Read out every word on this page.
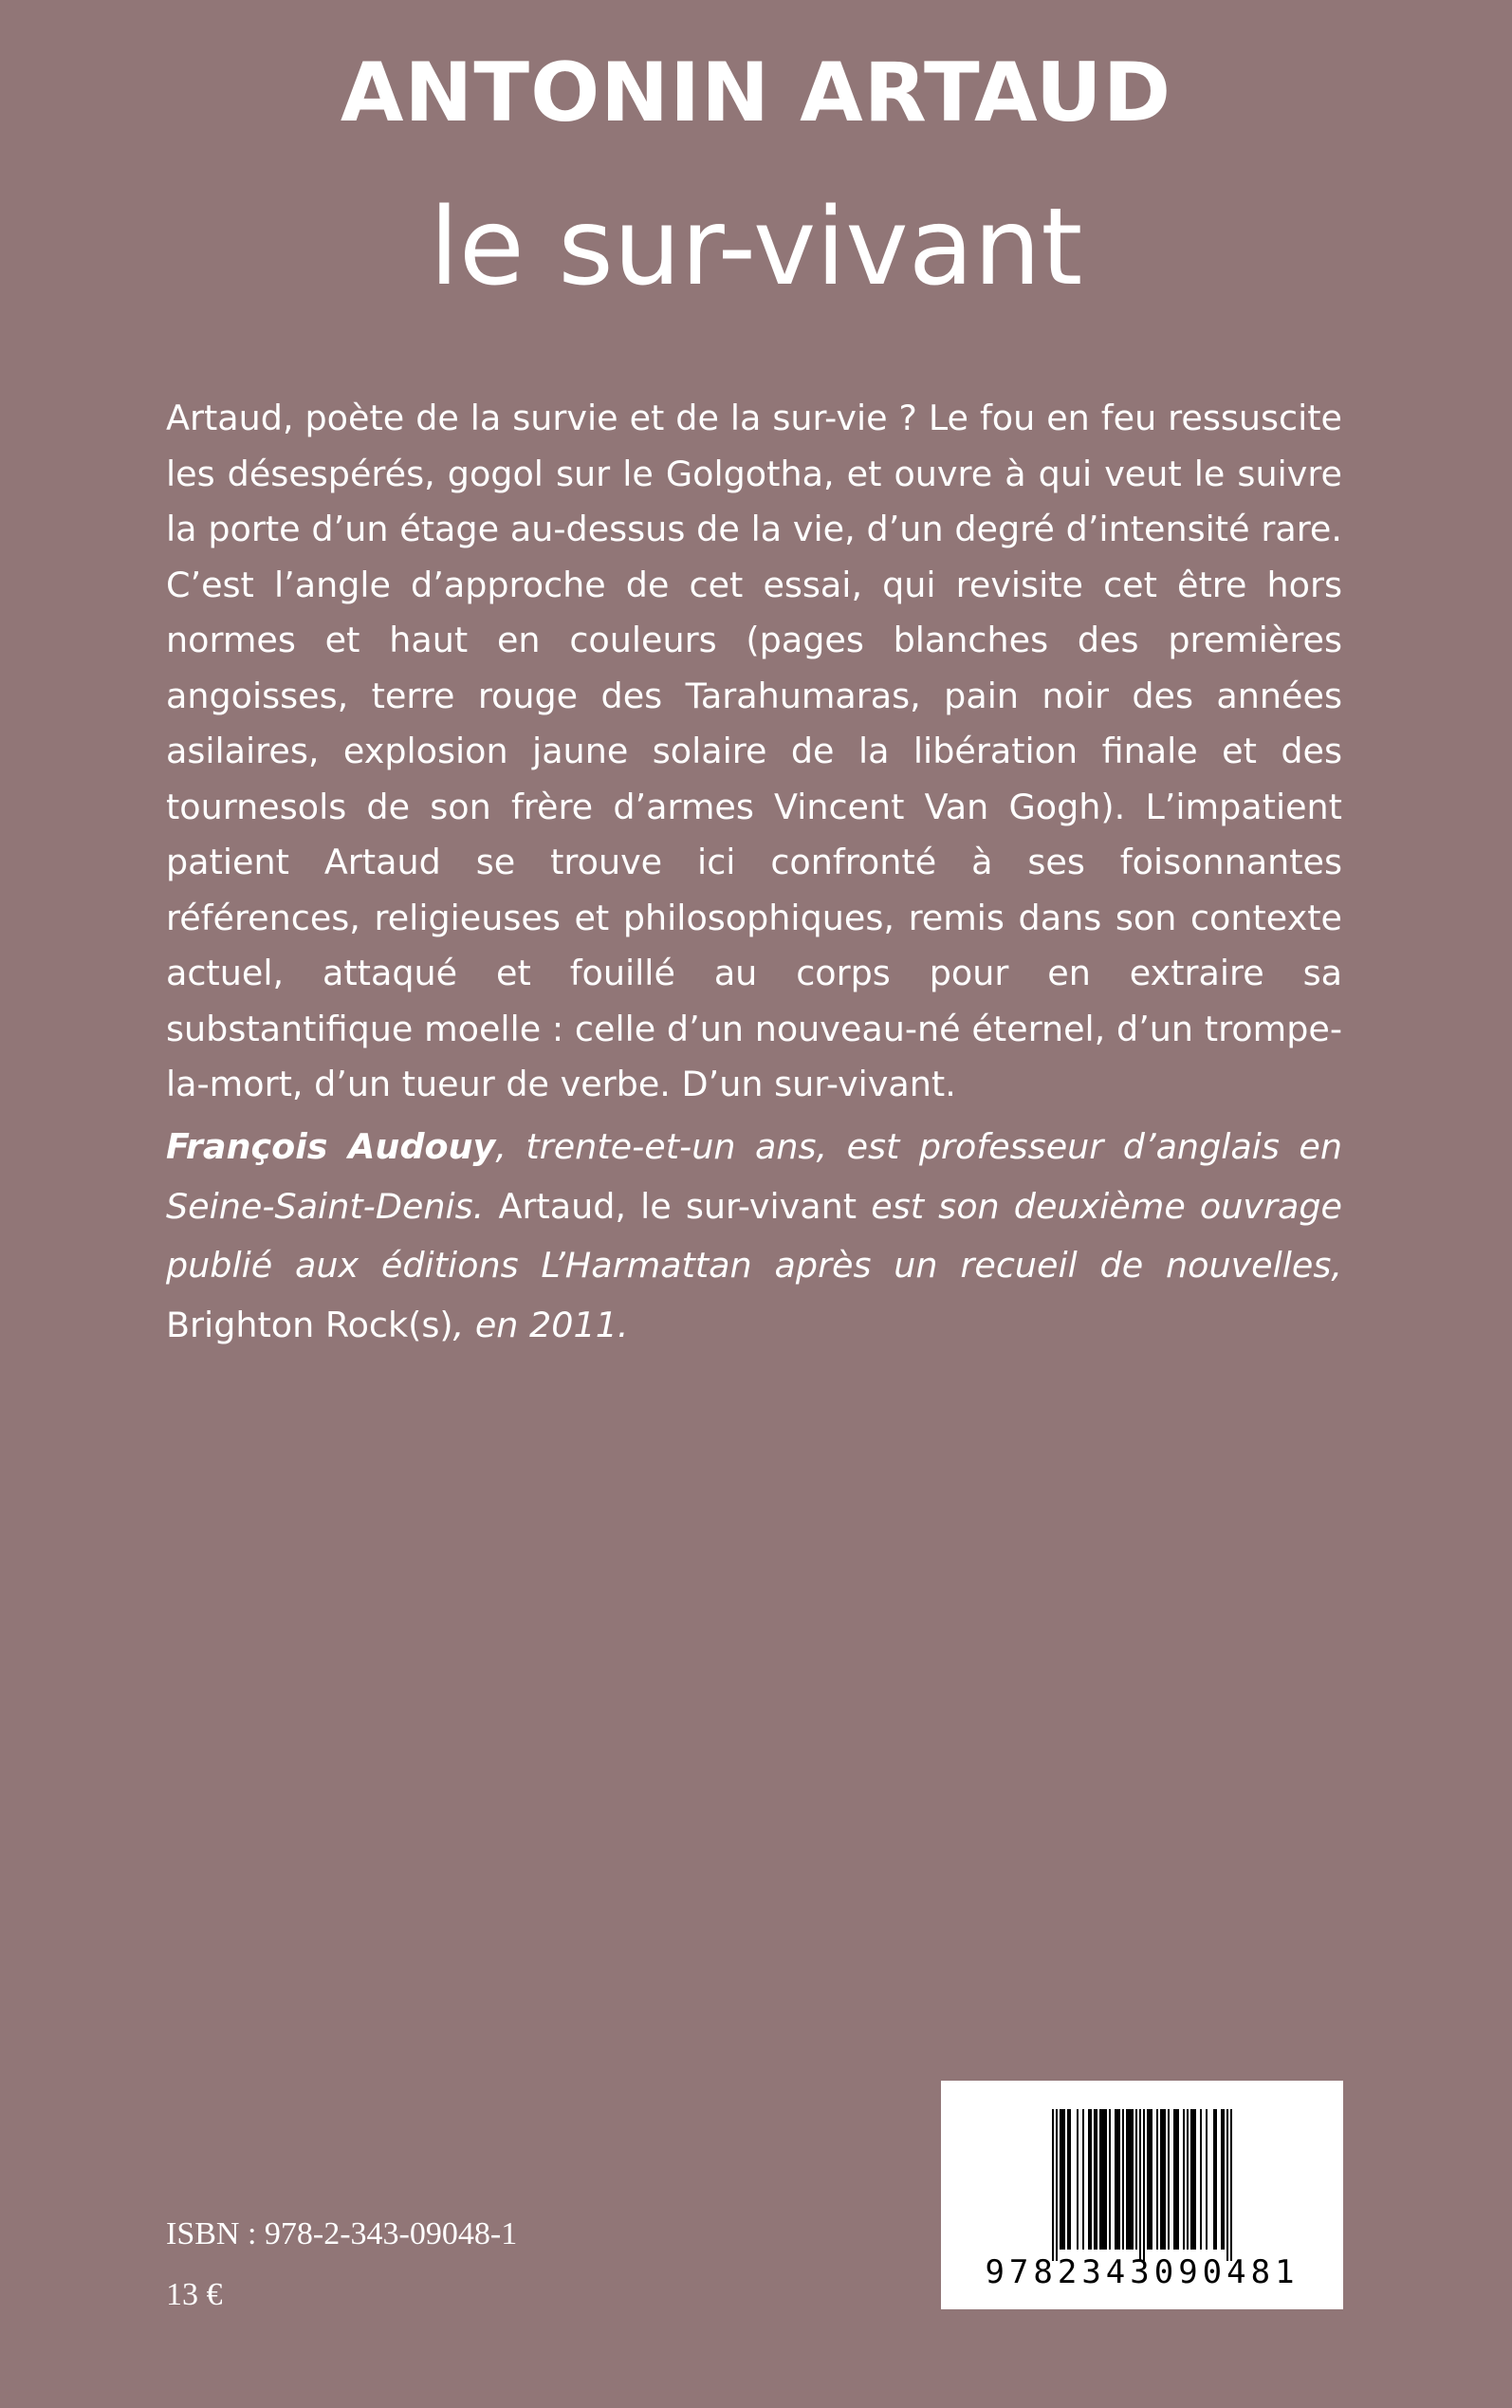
ANTONIN ARTAUD
le sur-vivant

Artaud, poète de la survie et de la sur-vie ? Le fou en feu ressuscite les désespérés, gogol sur le Golgotha, et ouvre à qui veut le suivre la porte d’un étage au-dessus de la vie, d’un degré d’intensité rare. C’est l’angle d’approche de cet essai, qui revisite cet être hors normes et haut en couleurs (pages blanches des premières angoisses, terre rouge des Tarahumaras, pain noir des années asilaires, explosion jaune solaire de la libération finale et des tournesols de son frère d’armes Vincent Van Gogh). L’impatient patient Artaud se trouve ici confronté à ses foisonnantes références, religieuses et philosophiques, remis dans son contexte actuel, attaqué et fouillé au corps pour en extraire sa substantifique moelle : celle d’un nouveau-né éternel, d’un trompe-la-mort, d’un tueur de verbe. D’un sur-vivant.

François Audouy, trente-et-un ans, est professeur d’anglais en Seine-Saint-Denis. Artaud, le sur-vivant est son deuxième ouvrage publié aux éditions L’Harmattan après un recueil de nouvelles, Brighton Rock(s), en 2011.

ISBN : 978-2-343-09048-1
13 €
9782343090481
